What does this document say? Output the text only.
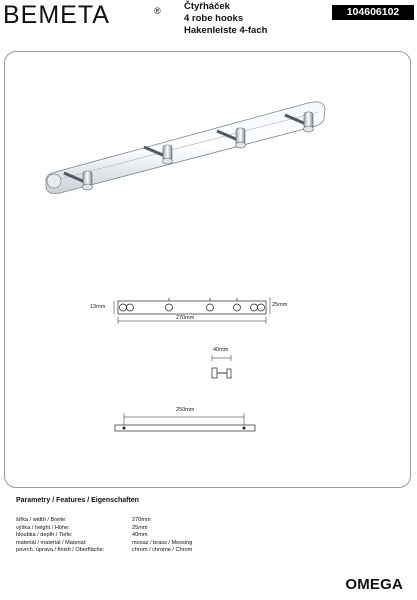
BEMETA	® Čtyřháček
4 robe hooks
Hakenleiste 4-fach
104606102
13mm	25mm
270mm
40mm
250mm
Parametry / Features / Eigenschaften
šířka / width / Breite:	270mm
výška / height / Höhe:	25mm
hloubka / depth / Tiefe:	40mm
materiál / material / Material:	mosaz / brass / Messing
povrch. úprava / finish / Oberfläche:	chrom / chrome / Chrom
OMEGA
